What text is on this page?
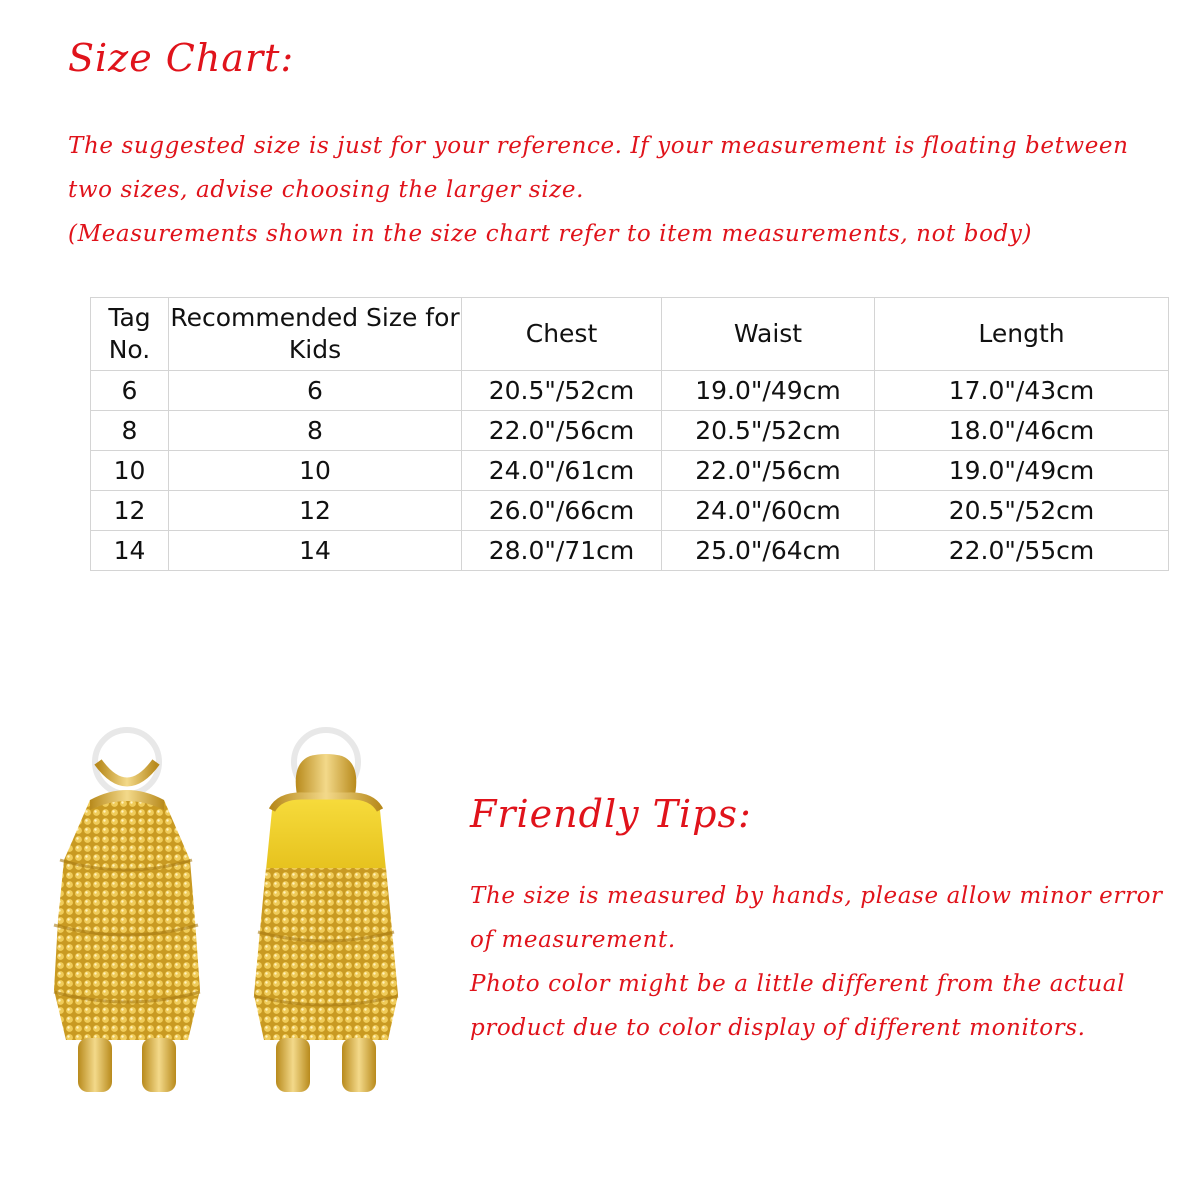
Size Chart:

The suggested size is just for your reference. If your measurement is floating between two sizes, advise choosing the larger size.

(Measurements shown in the size chart refer to item measurements, not body)

Tag No.	Recommended Size for Kids	Chest	Waist	Length
6	6	20.5"/52cm	19.0"/49cm	17.0"/43cm
8	8	22.0"/56cm	20.5"/52cm	18.0"/46cm
10	10	24.0"/61cm	22.0"/56cm	19.0"/49cm
12	12	26.0"/66cm	24.0"/60cm	20.5"/52cm
14	14	28.0"/71cm	25.0"/64cm	22.0"/55cm
Friendly Tips:

The size is measured by hands, please allow minor error of measurement.

Photo color might be a little different from the actual product due to color display of different monitors.
